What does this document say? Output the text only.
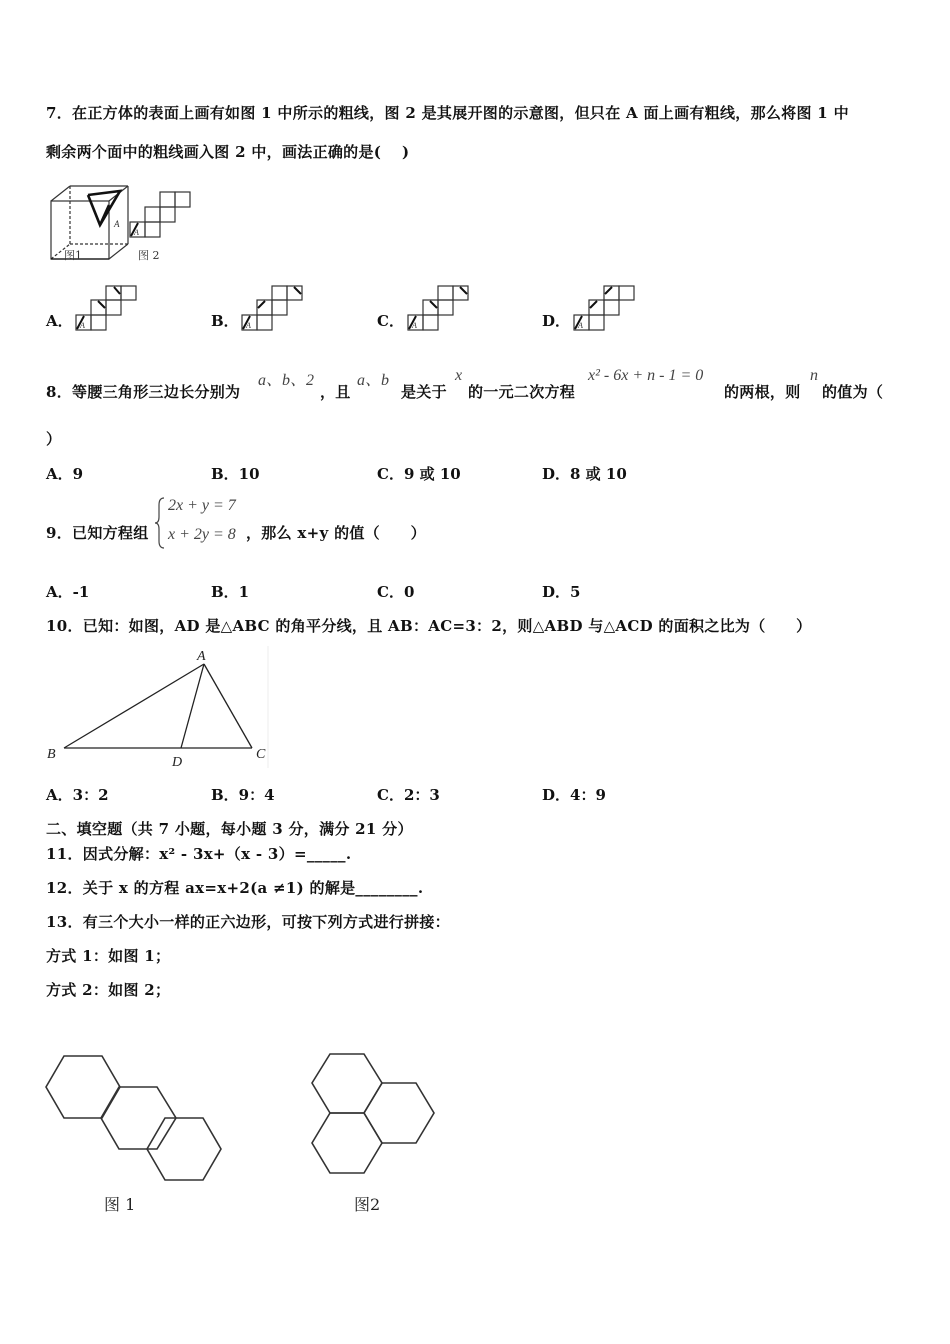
7．在正方体的表面上画有如图 1 中所示的粗线，图 2 是其展开图的示意图，但只在 A 面上画有粗线，那么将图 1 中
剩余两个面中的粗线画入图 2 中，画法正确的是(　 )
A
图1
A
图 2
A．	B．	C．	D．
A	A	A	A
8．等腰三角形三边长分别为
a、b、2
，且
a、b
是关于
x
的一元二次方程
x² - 6x + n - 1 = 0
的两根，则
n
的值为（
）
A．9	B．10	C．9 或 10	D．8 或 10
9．已知方程组
2x + y = 7
x + 2y = 8 ，那么 x+y 的值（　　）
A．-1	B．1	C．0	D．5
10．已知：如图，AD 是△ABC 的角平分线，且 AB：AC=3：2，则△ABD 与△ACD 的面积之比为（　　）
A
B	C
D
A．3：2	B．9：4	C．2：3	D．4：9
二、填空题（共 7 小题，每小题 3 分，满分 21 分）
11．因式分解：x² - 3x+（x - 3）=_____.
12．关于 x 的方程 ax=x+2(a ≠1) 的解是________.
13．有三个大小一样的正六边形，可按下列方式进行拼接：
方式 1：如图 1；
方式 2：如图 2；
图 1	图2
